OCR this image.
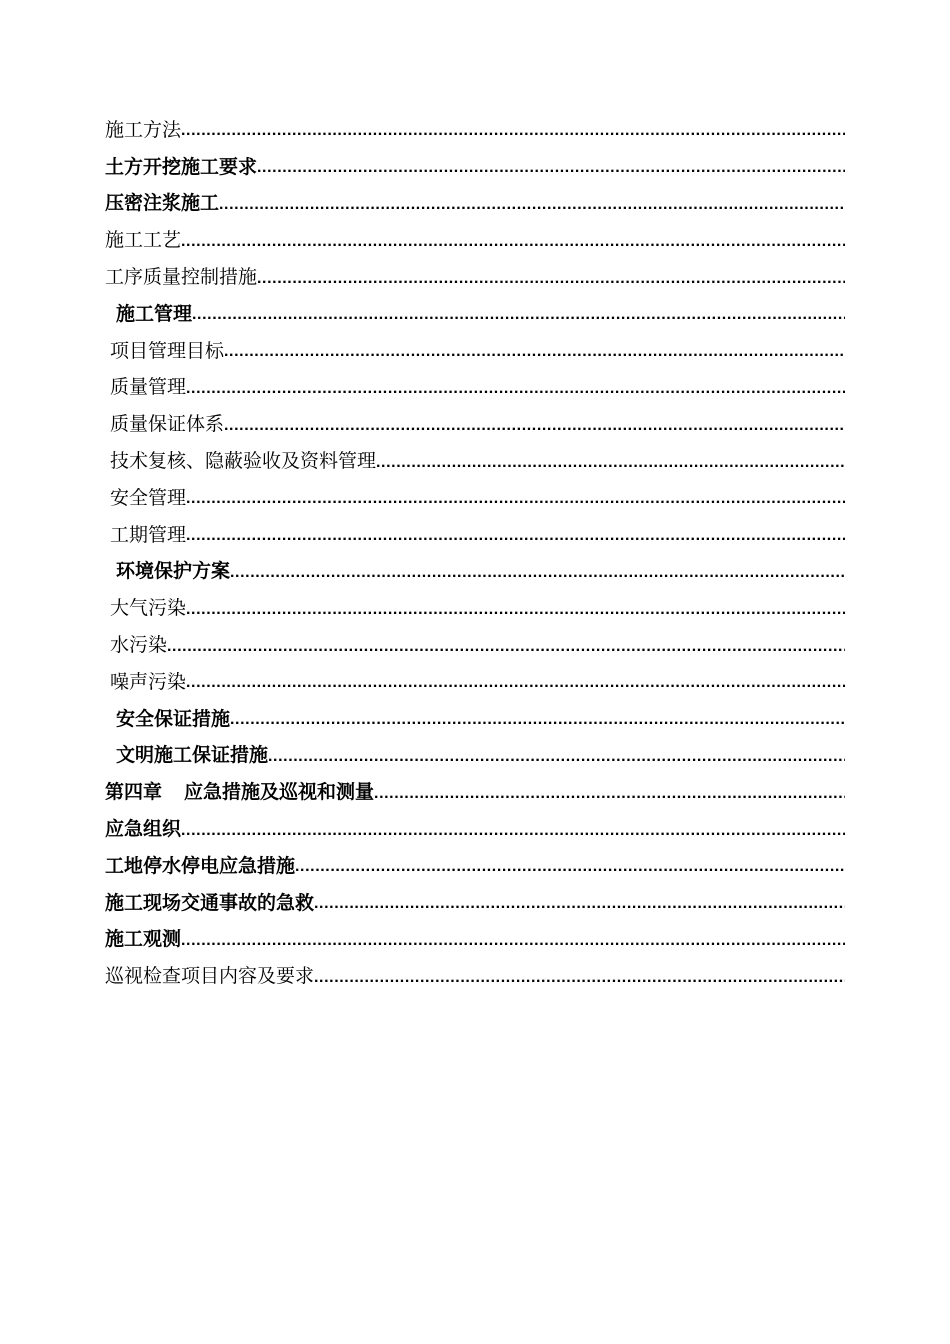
施工方法
.....
土方开挖施工要求
.....
压密注浆施工
.....
施工工艺
.....
工序质量控制措施
.....
施工管理
.....
项目管理目标
.....
质量管理
.....
质量保证体系
.....
技术复核、隐蔽验收及资料管理
.....
安全管理
.....
工期管理
.....
环境保护方案
.....
大气污染
.....
水污染
.....
噪声污染
.....
安全保证措施
.....
文明施工保证措施
.....
第四章 应急措施及巡视和测量
.....
应急组织
.....
工地停水停电应急措施
.....
施工现场交通事故的急救
.....
施工观测
.....
巡视检查项目内容及要求
.....
